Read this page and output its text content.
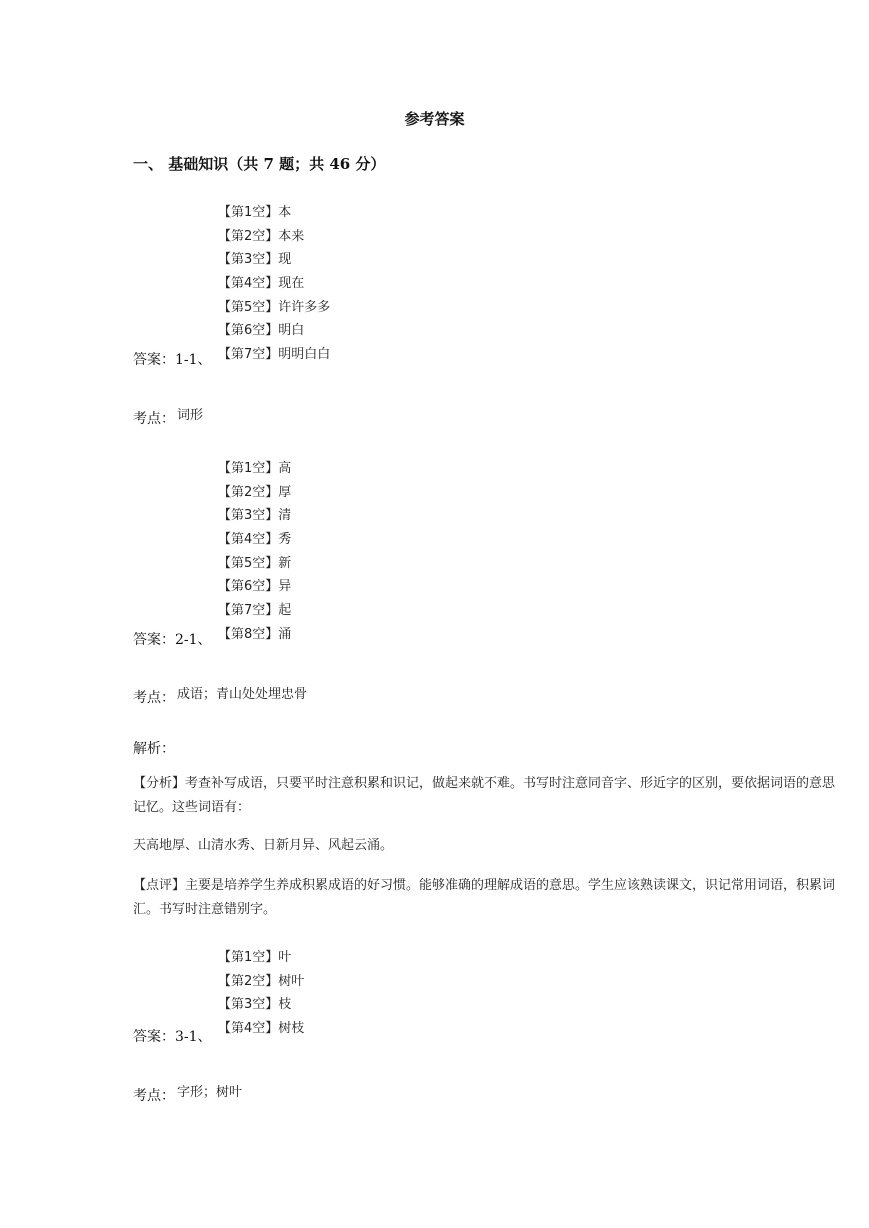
参考答案
一、 基础知识（共 7 题；共 46 分）
【第1空】本
【第2空】本来
【第3空】现
【第4空】现在
【第5空】许许多多
【第6空】明白
【第7空】明明白白
答案：1-1、
考点： 词形
【第1空】高
【第2空】厚
【第3空】清
【第4空】秀
【第5空】新
【第6空】异
【第7空】起
【第8空】涌
答案：2-1、
考点： 成语；青山处处埋忠骨
解析：
【分析】考查补写成语，只要平时注意积累和识记，做起来就不难。书写时注意同音字、形近字的区别，要依据词语的意思
记忆。这些词语有：
天高地厚、山清水秀、日新月异、风起云涌。
【点评】主要是培养学生养成积累成语的好习惯。能够准确的理解成语的意思。学生应该熟读课文，识记常用词语，积累词
汇。书写时注意错别字。
【第1空】叶
【第2空】树叶
【第3空】枝
【第4空】树枝
答案：3-1、
考点： 字形；树叶
